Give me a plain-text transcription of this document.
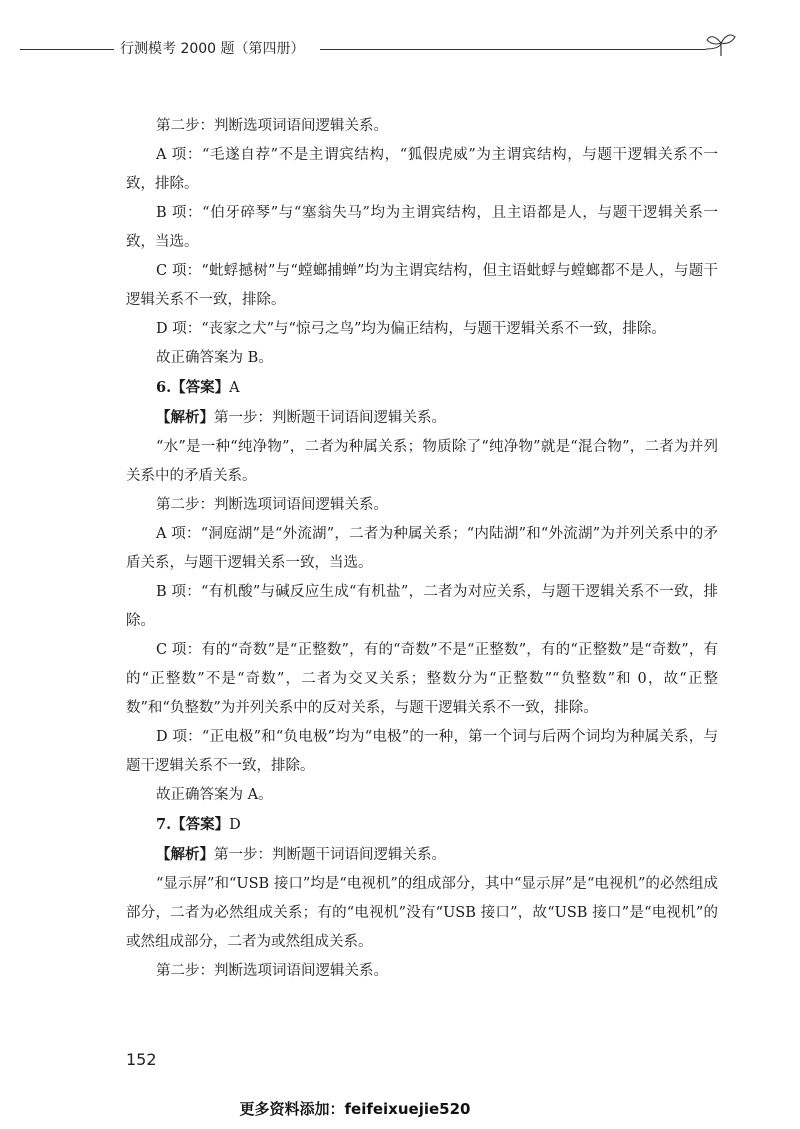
行测模考 2000 题（第四册）

第二步：判断选项词语间逻辑关系。

A 项：“毛遂自荐”不是主谓宾结构，“狐假虎威”为主谓宾结构，与题干逻辑关系不一致，排除。

B 项：“伯牙碎琴”与“塞翁失马”均为主谓宾结构，且主语都是人，与题干逻辑关系一致，当选。

C 项：“蚍蜉撼树”与“螳螂捕蝉”均为主谓宾结构，但主语蚍蜉与螳螂都不是人，与题干逻辑关系不一致，排除。

D 项：“丧家之犬”与“惊弓之鸟”均为偏正结构，与题干逻辑关系不一致，排除。

故正确答案为 B。

6.【答案】A

【解析】第一步：判断题干词语间逻辑关系。

“水”是一种“纯净物”，二者为种属关系；物质除了“纯净物”就是“混合物”，二者为并列关系中的矛盾关系。

第二步：判断选项词语间逻辑关系。

A 项：“洞庭湖”是“外流湖”，二者为种属关系；“内陆湖”和“外流湖”为并列关系中的矛盾关系，与题干逻辑关系一致，当选。

B 项：“有机酸”与碱反应生成“有机盐”，二者为对应关系，与题干逻辑关系不一致，排除。

C 项：有的“奇数”是“正整数”，有的“奇数”不是“正整数”，有的“正整数”是“奇数”，有的“正整数”不是“奇数”，二者为交叉关系；整数分为“正整数”“负整数”和 0，故“正整数”和“负整数”为并列关系中的反对关系，与题干逻辑关系不一致，排除。

D 项：“正电极”和“负电极”均为“电极”的一种，第一个词与后两个词均为种属关系，与题干逻辑关系不一致，排除。

故正确答案为 A。

7.【答案】D

【解析】第一步：判断题干词语间逻辑关系。

“显示屏”和“USB 接口”均是“电视机”的组成部分，其中“显示屏”是“电视机”的必然组成部分，二者为必然组成关系；有的“电视机”没有“USB 接口”，故“USB 接口”是“电视机”的或然组成部分，二者为或然组成关系。

第二步：判断选项词语间逻辑关系。

152
更多资料添加：feifeixuejie520
